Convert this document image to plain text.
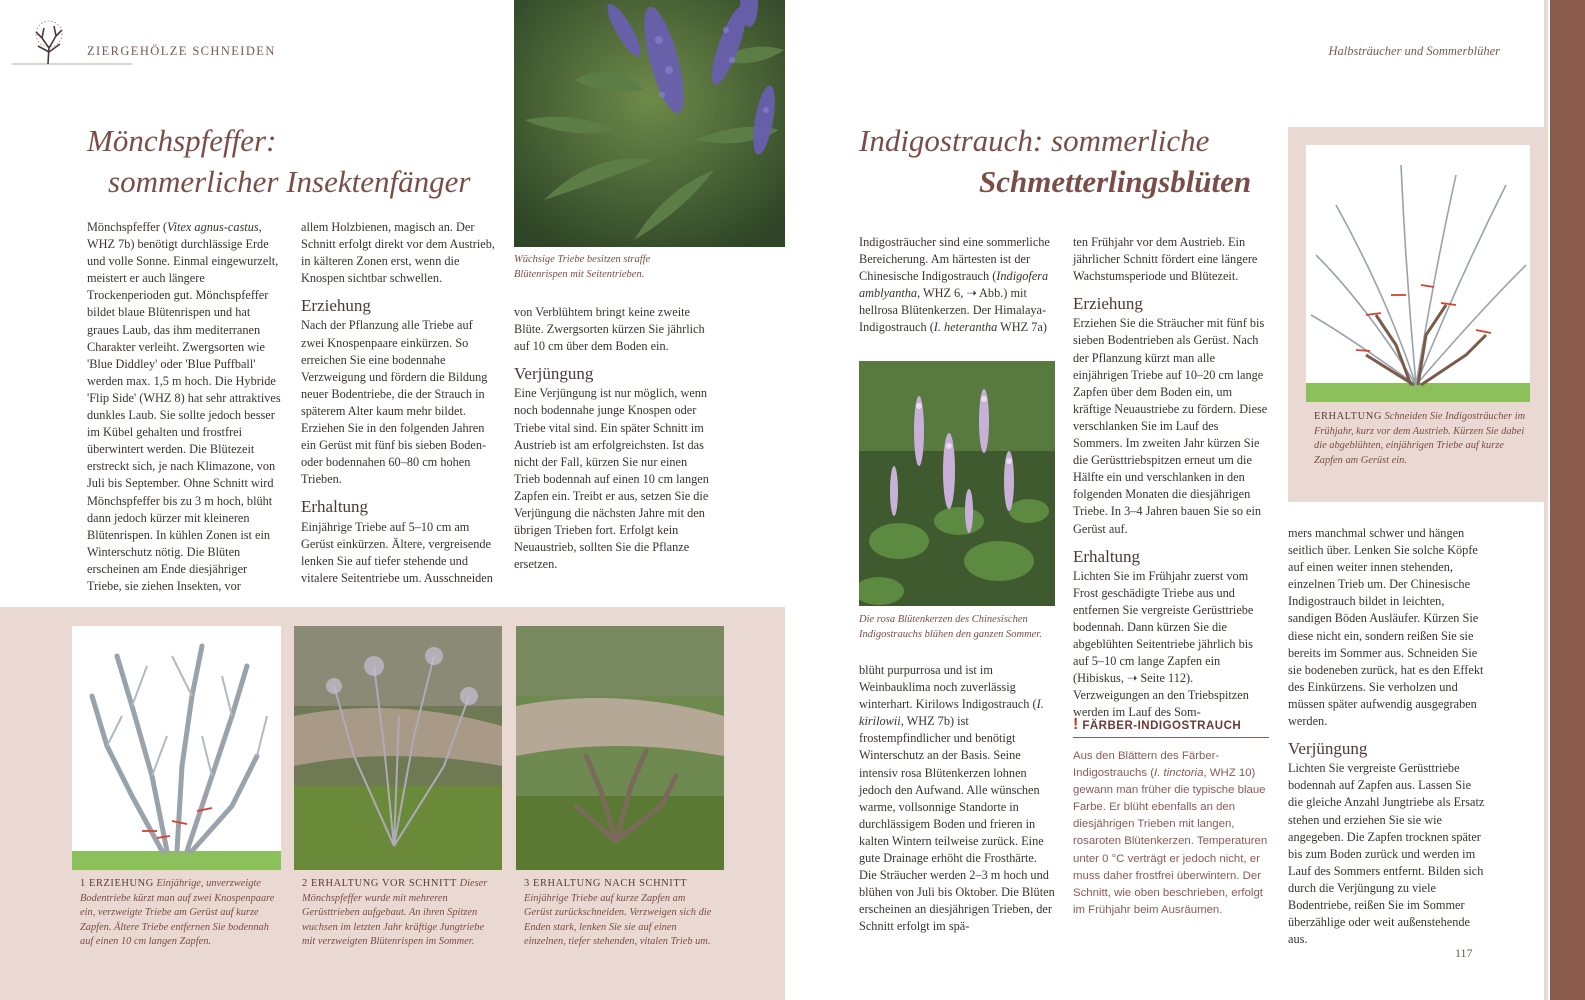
ZIERGEHÖLZE SCHNEIDEN	Halbsträucher und Sommerblüher
Mönchspfeffer:
sommerlicher Insektenfänger

Mönchspfeffer (Vitex agnus-castus, WHZ 7b) benötigt durchlässige Erde und volle Sonne. Einmal eingewurzelt, meistert er auch längere Trockenperioden gut. Mönchspfeffer bildet blaue Blütenrispen und hat graues Laub, das ihm mediterranen Charakter verleiht. Zwergsorten wie 'Blue Diddley' oder 'Blue Puffball' werden max. 1,5 m hoch. Die Hybride 'Flip Side' (WHZ 8) hat sehr attraktives dunkles Laub. Sie sollte jedoch besser im Kübel gehalten und frostfrei überwintert werden. Die Blütezeit erstreckt sich, je nach Klimazone, von Juli bis September. Ohne Schnitt wird Mönchspfeffer bis zu 3 m hoch, blüht dann jedoch kürzer mit kleineren Blütenrispen. In kühlen Zonen ist ein Winterschutz nötig. Die Blüten erscheinen am Ende diesjähriger Triebe, sie ziehen Insekten, vor

allem Holzbienen, magisch an. Der Schnitt erfolgt direkt vor dem Austrieb, in kälteren Zonen erst, wenn die Knospen sichtbar schwellen.

Erziehung

Nach der Pflanzung alle Triebe auf zwei Knospenpaare einkürzen. So erreichen Sie eine bodennahe Verzweigung und fördern die Bildung neuer Bodentriebe, die der Strauch in späterem Alter kaum mehr bildet. Erziehen Sie in den folgenden Jahren ein Gerüst mit fünf bis sieben Boden- oder bodennahen 60–80 cm hohen Trieben.

Erhaltung

Einjährige Triebe auf 5–10 cm am Gerüst einkürzen. Ältere, vergreisende lenken Sie auf tiefer stehende und vitalere Seitentriebe um. Ausschneiden

Wüchsige Triebe besitzen straffe Blütenrispen mit Seitentrieben.

von Verblühtem bringt keine zweite Blüte. Zwergsorten kürzen Sie jährlich auf 10 cm über dem Boden ein.

Verjüngung

Eine Verjüngung ist nur möglich, wenn noch bodennahe junge Knospen oder Triebe vital sind. Ein später Schnitt im Austrieb ist am erfolgreichsten. Ist das nicht der Fall, kürzen Sie nur einen Trieb bodennah auf einen 10 cm langen Zapfen ein. Treibt er aus, setzen Sie die Verjüngung die nächsten Jahre mit den übrigen Trieben fort. Erfolgt kein Neuaustrieb, sollten Sie die Pflanze ersetzen.

1 ERZIEHUNG Einjährige, unverzweigte Bodentriebe kürzt man auf zwei Knospenpaare ein, verzweigte Triebe am Gerüst auf kurze Zapfen. Ältere Triebe entfernen Sie bodennah auf einen 10 cm langen Zapfen.
2 ERHALTUNG VOR SCHNITT Dieser Mönchspfeffer wurde mit mehreren Gerüsttrieben aufgebaut. An ihren Spitzen wuchsen im letzten Jahr kräftige Jungtriebe mit verzweigten Blütenrispen im Sommer.
3 ERHALTUNG NACH SCHNITT Einjährige Triebe auf kurze Zapfen am Gerüst zurückschneiden. Verzweigen sich die Enden stark, lenken Sie sie auf einen einzelnen, tiefer stehenden, vitalen Trieb um.
Indigostrauch: sommerliche
Schmetterlingsblüten

Indigosträucher sind eine sommerliche Bereicherung. Am härtesten ist der Chinesische Indigostrauch (Indigofera amblyantha, WHZ 6, ➝ Abb.) mit hellrosa Blütenkerzen. Der Himalaya-Indigostrauch (I. heterantha WHZ 7a)

Die rosa Blütenkerzen des Chinesischen Indigostrauchs blühen den ganzen Sommer.

blüht purpurrosa und ist im Weinbauklima noch zuverlässig winterhart. Kirilows Indigostrauch (I. kirilowii, WHZ 7b) ist frostempfindlicher und benötigt Winterschutz an der Basis. Seine intensiv rosa Blütenkerzen lohnen jedoch den Aufwand. Alle wünschen warme, vollsonnige Standorte in durchlässigem Boden und frieren in kalten Wintern teilweise zurück. Eine gute Drainage erhöht die Frosthärte. Die Sträucher werden 2–3 m hoch und blühen von Juli bis Oktober. Die Blüten erscheinen an diesjährigen Trieben, der Schnitt erfolgt im spä-

ten Frühjahr vor dem Austrieb. Ein jährlicher Schnitt fördert eine längere Wachstumsperiode und Blütezeit.

Erziehung

Erziehen Sie die Sträucher mit fünf bis sieben Bodentrieben als Gerüst. Nach der Pflanzung kürzt man alle einjährigen Triebe auf 10–20 cm lange Zapfen über dem Boden ein, um kräftige Neuaustriebe zu fördern. Diese verschlanken Sie im Lauf des Sommers. Im zweiten Jahr kürzen Sie die Gerüsttriebspitzen erneut um die Hälfte ein und verschlanken in den folgenden Monaten die diesjährigen Triebe. In 3–4 Jahren bauen Sie so ein Gerüst auf.

Erhaltung

Lichten Sie im Frühjahr zuerst vom Frost geschädigte Triebe aus und entfernen Sie vergreiste Gerüsttriebe bodennah. Dann kürzen Sie die abgeblühten Seitentriebe jährlich bis auf 5–10 cm lange Zapfen ein (Hibiskus, ➝ Seite 112). Verzweigungen an den Triebspitzen werden im Lauf des Som-

! FÄRBER-INDIGOSTRAUCH
Aus den Blättern des Färber-Indigostrauchs (I. tinctoria, WHZ 10) gewann man früher die typische blaue Farbe. Er blüht ebenfalls an den diesjährigen Trieben mit langen, rosaroten Blütenkerzen. Temperaturen unter 0 °C verträgt er jedoch nicht, er muss daher frostfrei überwintern. Der Schnitt, wie oben beschrieben, erfolgt im Frühjahr beim Ausräumen.
ERHALTUNG Schneiden Sie Indigosträucher im Frühjahr, kurz vor dem Austrieb. Kürzen Sie dabei die abgeblühten, einjährigen Triebe auf kurze Zapfen am Gerüst ein.

mers manchmal schwer und hängen seitlich über. Lenken Sie solche Köpfe auf einen weiter innen stehenden, einzelnen Trieb um. Der Chinesische Indigostrauch bildet in leichten, sandigen Böden Ausläufer. Kürzen Sie diese nicht ein, sondern reißen Sie sie bereits im Sommer aus. Schneiden Sie sie bodeneben zurück, hat es den Effekt des Einkürzens. Sie verholzen und müssen später aufwendig ausgegraben werden.

Verjüngung

Lichten Sie vergreiste Gerüsttriebe bodennah auf Zapfen aus. Lassen Sie die gleiche Anzahl Jungtriebe als Ersatz stehen und erziehen Sie sie wie angegeben. Die Zapfen trocknen später bis zum Boden zurück und werden im Lauf des Sommers entfernt. Bilden sich durch die Verjüngung zu viele Bodentriebe, reißen Sie im Sommer überzählige oder weit außenstehende aus.

117
